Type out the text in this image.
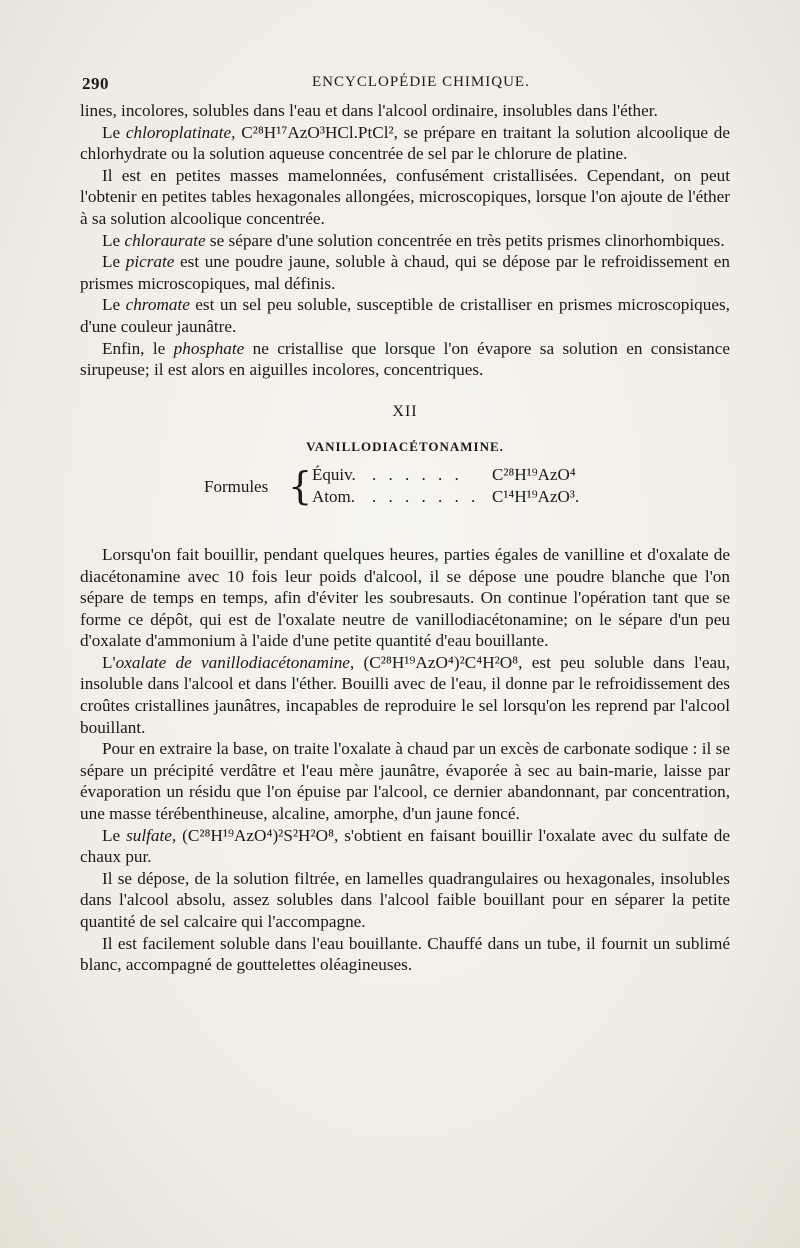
290	ENCYCLOPÉDIE CHIMIQUE.

lines, incolores, solubles dans l'eau et dans l'alcool ordinaire, insolubles dans l'éther.

Le chloroplatinate, C²⁸H¹⁷AzO³HCl.PtCl², se prépare en traitant la solution alcoolique de chlorhydrate ou la solution aqueuse concentrée de sel par le chlorure de platine.

Il est en petites masses mamelonnées, confusément cristallisées. Cependant, on peut l'obtenir en petites tables hexagonales allongées, microscopiques, lorsque l'on ajoute de l'éther à sa solution alcoolique concentrée.

Le chloraurate se sépare d'une solution concentrée en très petits prismes clinorhombiques.

Le picrate est une poudre jaune, soluble à chaud, qui se dépose par le refroidissement en prismes microscopiques, mal définis.

Le chromate est un sel peu soluble, susceptible de cristalliser en prismes microscopiques, d'une couleur jaunâtre.

Enfin, le phosphate ne cristallise que lorsque l'on évapore sa solution en consistance sirupeuse; il est alors en aiguilles incolores, concentriques.

XII
VANILLODIACÉTONAMINE.
Formules { Équiv. . . . . . . C²⁸H¹⁹AzO⁴
Atom. . . . . . . . C¹⁴H¹⁹AzO³.

Lorsqu'on fait bouillir, pendant quelques heures, parties égales de vanilline et d'oxalate de diacétonamine avec 10 fois leur poids d'alcool, il se dépose une poudre blanche que l'on sépare de temps en temps, afin d'éviter les soubresauts. On continue l'opération tant que se forme ce dépôt, qui est de l'oxalate neutre de vanillodiacétonamine; on le sépare d'un peu d'oxalate d'ammonium à l'aide d'une petite quantité d'eau bouillante.

L'oxalate de vanillodiacétonamine, (C²⁸H¹⁹AzO⁴)²C⁴H²O⁸, est peu soluble dans l'eau, insoluble dans l'alcool et dans l'éther. Bouilli avec de l'eau, il donne par le refroidissement des croûtes cristallines jaunâtres, incapables de reproduire le sel lorsqu'on les reprend par l'alcool bouillant.

Pour en extraire la base, on traite l'oxalate à chaud par un excès de carbonate sodique : il se sépare un précipité verdâtre et l'eau mère jaunâtre, évaporée à sec au bain-marie, laisse par évaporation un résidu que l'on épuise par l'alcool, ce dernier abandonnant, par concentration, une masse térébenthineuse, alcaline, amorphe, d'un jaune foncé.

Le sulfate, (C²⁸H¹⁹AzO⁴)²S²H²O⁸, s'obtient en faisant bouillir l'oxalate avec du sulfate de chaux pur.

Il se dépose, de la solution filtrée, en lamelles quadrangulaires ou hexagonales, insolubles dans l'alcool absolu, assez solubles dans l'alcool faible bouillant pour en séparer la petite quantité de sel calcaire qui l'accompagne.

Il est facilement soluble dans l'eau bouillante. Chauffé dans un tube, il fournit un sublimé blanc, accompagné de gouttelettes oléagineuses.
